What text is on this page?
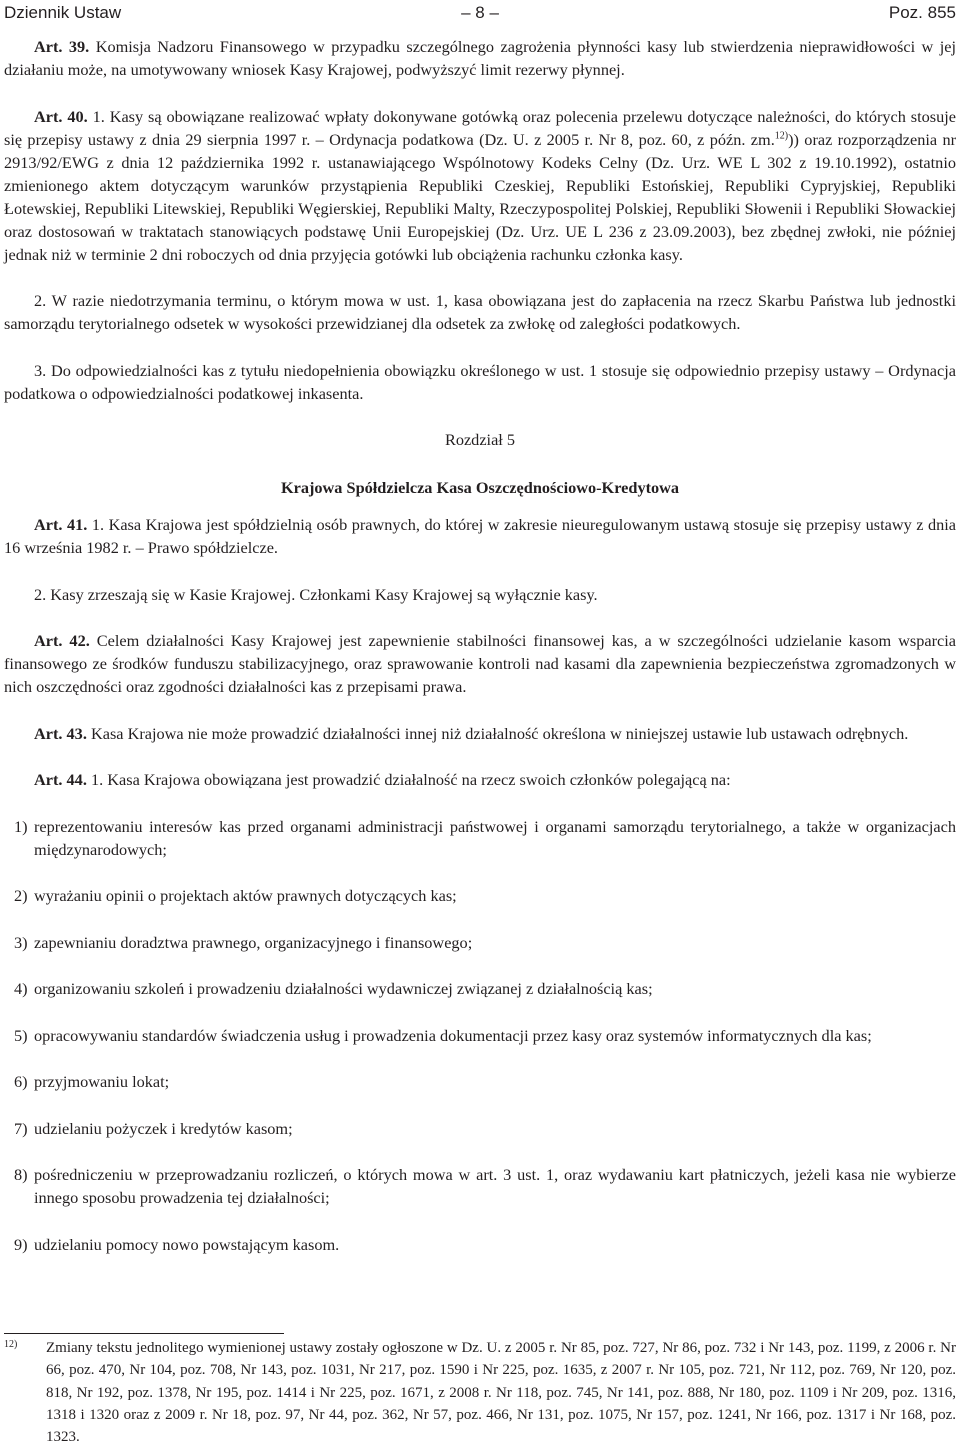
Dziennik Ustaw	– 8 –	Poz. 855

Art. 39. Komisja Nadzoru Finansowego w przypadku szczególnego zagrożenia płynności kasy lub stwierdzenia nieprawidłowości w jej działaniu może, na umotywowany wniosek Kasy Krajowej, podwyższyć limit rezerwy płynnej.

Art. 40. 1. Kasy są obowiązane realizować wpłaty dokonywane gotówką oraz polecenia przelewu dotyczące należności, do których stosuje się przepisy ustawy z dnia 29 sierpnia 1997 r. – Ordynacja podatkowa (Dz. U. z 2005 r. Nr 8, poz. 60, z późn. zm.$^{12)}$)) oraz rozporządzenia nr 2913/92/EWG z dnia 12 października 1992 r. ustanawiającego Wspólnotowy Kodeks Celny (Dz. Urz. WE L 302 z 19.10.1992), ostatnio zmienionego aktem dotyczącym warunków przystąpienia Republiki Czeskiej, Republiki Estońskiej, Republiki Cypryjskiej, Republiki Łotewskiej, Republiki Litewskiej, Republiki Węgierskiej, Republiki Malty, Rzeczypospolitej Polskiej, Republiki Słowenii i Republiki Słowackiej oraz dostosowań w traktatach stanowiących podstawę Unii Europejskiej (Dz. Urz. UE L 236 z 23.09.2003), bez zbędnej zwłoki, nie później jednak niż w terminie 2 dni roboczych od dnia przyjęcia gotówki lub obciążenia rachunku członka kasy.

2. W razie niedotrzymania terminu, o którym mowa w ust. 1, kasa obowiązana jest do zapłacenia na rzecz Skarbu Państwa lub jednostki samorządu terytorialnego odsetek w wysokości przewidzianej dla odsetek za zwłokę od zaległości podatkowych.

3. Do odpowiedzialności kas z tytułu niedopełnienia obowiązku określonego w ust. 1 stosuje się odpowiednio przepisy ustawy – Ordynacja podatkowa o odpowiedzialności podatkowej inkasenta.

Rozdział 5

Krajowa Spółdzielcza Kasa Oszczędnościowo-Kredytowa

Art. 41. 1. Kasa Krajowa jest spółdzielnią osób prawnych, do której w zakresie nieuregulowanym ustawą stosuje się przepisy ustawy z dnia 16 września 1982 r. – Prawo spółdzielcze.

2. Kasy zrzeszają się w Kasie Krajowej. Członkami Kasy Krajowej są wyłącznie kasy.

Art. 42. Celem działalności Kasy Krajowej jest zapewnienie stabilności finansowej kas, a w szczególności udzielanie kasom wsparcia finansowego ze środków funduszu stabilizacyjnego, oraz sprawowanie kontroli nad kasami dla zapewnienia bezpieczeństwa zgromadzonych w nich oszczędności oraz zgodności działalności kas z przepisami prawa.

Art. 43. Kasa Krajowa nie może prowadzić działalności innej niż działalność określona w niniejszej ustawie lub ustawach odrębnych.

Art. 44. 1. Kasa Krajowa obowiązana jest prowadzić działalność na rzecz swoich członków polegającą na:

1) reprezentowaniu interesów kas przed organami administracji państwowej i organami samorządu terytorialnego, a także w organizacjach międzynarodowych;
2) wyrażaniu opinii o projektach aktów prawnych dotyczących kas;
3) zapewnianiu doradztwa prawnego, organizacyjnego i finansowego;
4) organizowaniu szkoleń i prowadzeniu działalności wydawniczej związanej z działalnością kas;
5) opracowywaniu standardów świadczenia usług i prowadzenia dokumentacji przez kasy oraz systemów informatycznych dla kas;
6) przyjmowaniu lokat;
7) udzielaniu pożyczek i kredytów kasom;
8) pośredniczeniu w przeprowadzaniu rozliczeń, o których mowa w art. 3 ust. 1, oraz wydawaniu kart płatniczych, jeżeli kasa nie wybierze innego sposobu prowadzenia tej działalności;
9) udzielaniu pomocy nowo powstającym kasom.
12) Zmiany tekstu jednolitego wymienionej ustawy zostały ogłoszone w Dz. U. z 2005 r. Nr 85, poz. 727, Nr 86, poz. 732 i Nr 143, poz. 1199, z 2006 r. Nr 66, poz. 470, Nr 104, poz. 708, Nr 143, poz. 1031, Nr 217, poz. 1590 i Nr 225, poz. 1635, z 2007 r. Nr 105, poz. 721, Nr 112, poz. 769, Nr 120, poz. 818, Nr 192, poz. 1378, Nr 195, poz. 1414 i Nr 225, poz. 1671, z 2008 r. Nr 118, poz. 745, Nr 141, poz. 888, Nr 180, poz. 1109 i Nr 209, poz. 1316, 1318 i 1320 oraz z 2009 r. Nr 18, poz. 97, Nr 44, poz. 362, Nr 57, poz. 466, Nr 131, poz. 1075, Nr 157, poz. 1241, Nr 166, poz. 1317 i Nr 168, poz. 1323.
